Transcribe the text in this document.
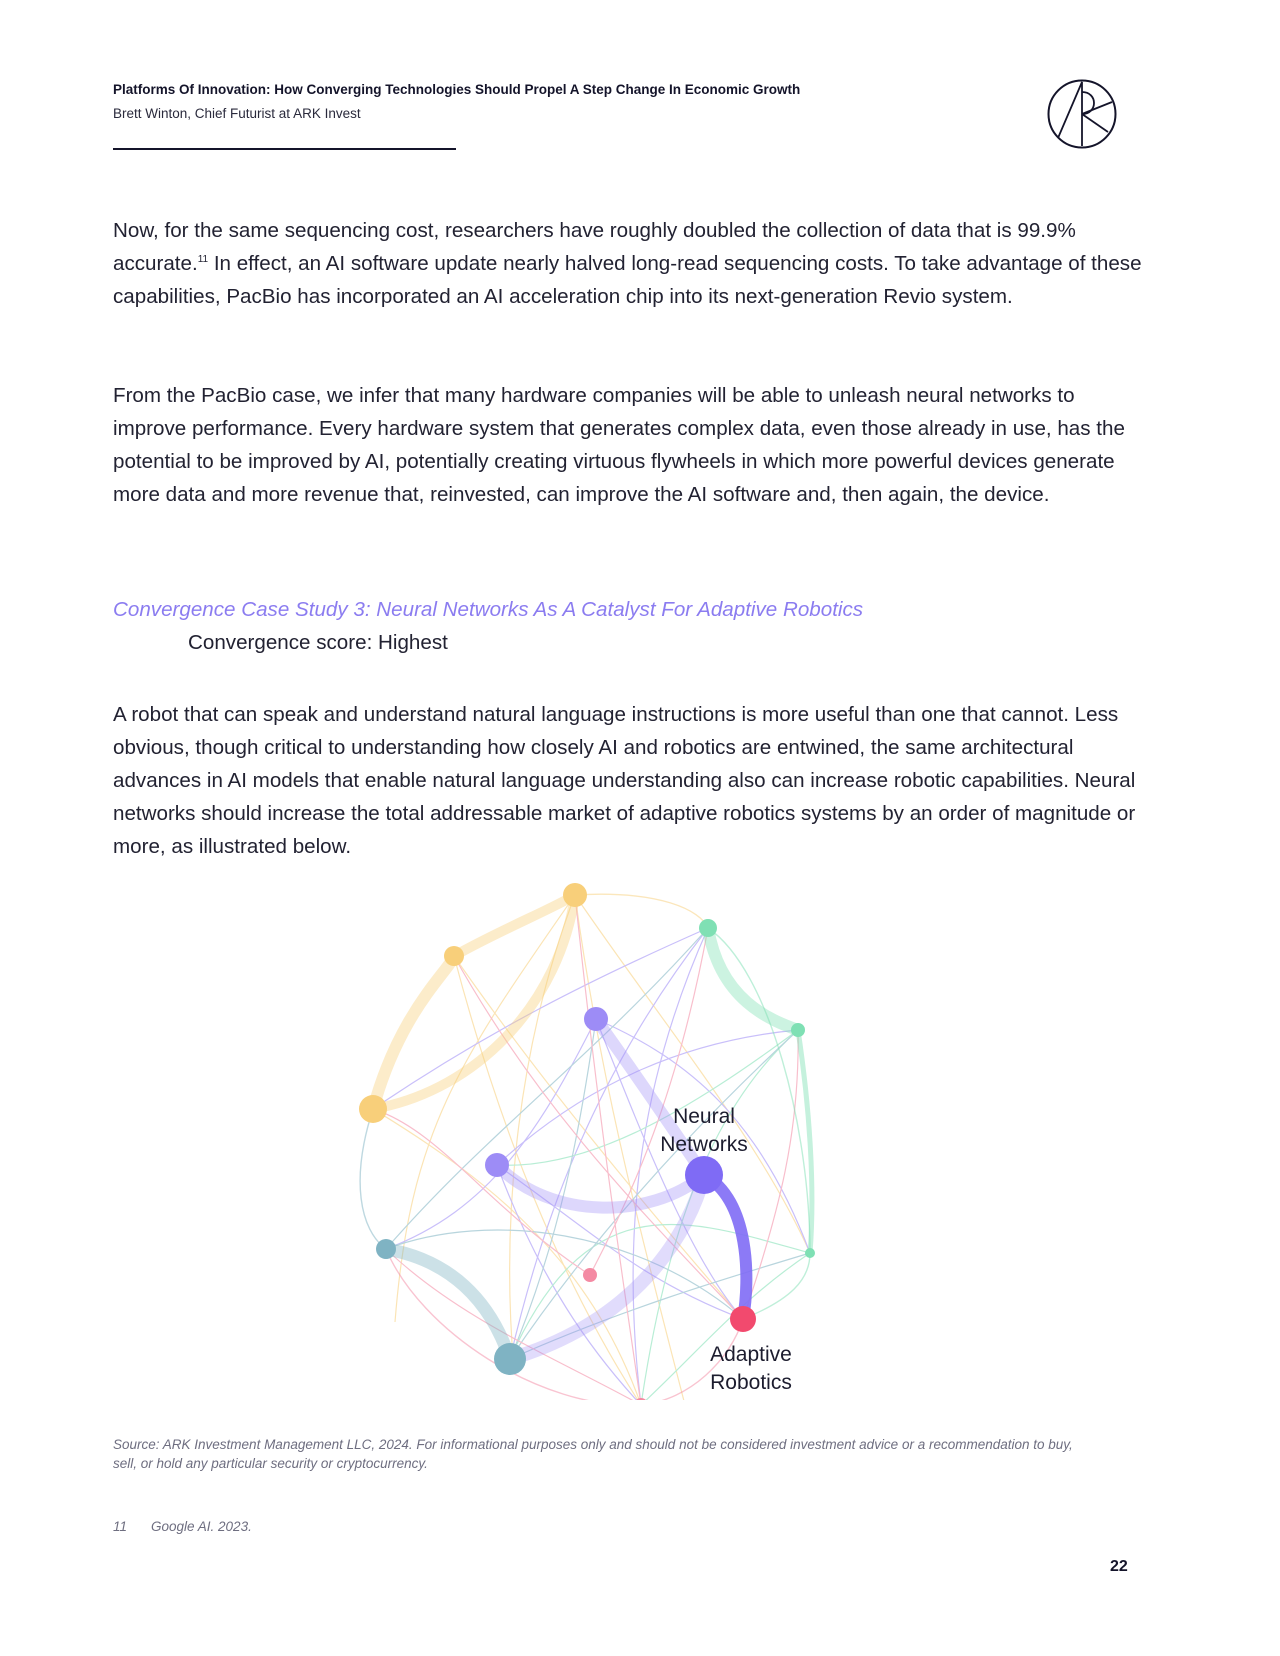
Platforms Of Innovation: How Converging Technologies Should Propel A Step Change In Economic Growth
Brett Winton, Chief Futurist at ARK Invest

Now, for the same sequencing cost, researchers have roughly doubled the collection of data that is 99.9% accurate.$^{11}$ In effect, an AI software update nearly halved long-read sequencing costs. To take advantage of these capabilities, PacBio has incorporated an AI acceleration chip into its next-generation Revio system.

From the PacBio case, we infer that many hardware companies will be able to unleash neural networks to improve performance. Every hardware system that generates complex data, even those already in use, has the potential to be improved by AI, potentially creating virtuous flywheels in which more powerful devices generate more data and more revenue that, reinvested, can improve the AI software and, then again, the device.

Convergence Case Study 3: Neural Networks As A Catalyst For Adaptive Robotics
Convergence score: Highest

A robot that can speak and understand natural language instructions is more useful than one that cannot. Less obvious, though critical to understanding how closely AI and robotics are entwined, the same architectural advances in AI models that enable natural language understanding also can increase robotic capabilities. Neural networks should increase the total addressable market of adaptive robotics systems by an order of magnitude or more, as illustrated below.

Neural
Networks
Adaptive
Robotics
Source: ARK Investment Management LLC, 2024. For informational purposes only and should not be considered investment advice or a recommendation to buy, sell, or hold any particular security or cryptocurrency.
11 Google AI. 2023.
22
